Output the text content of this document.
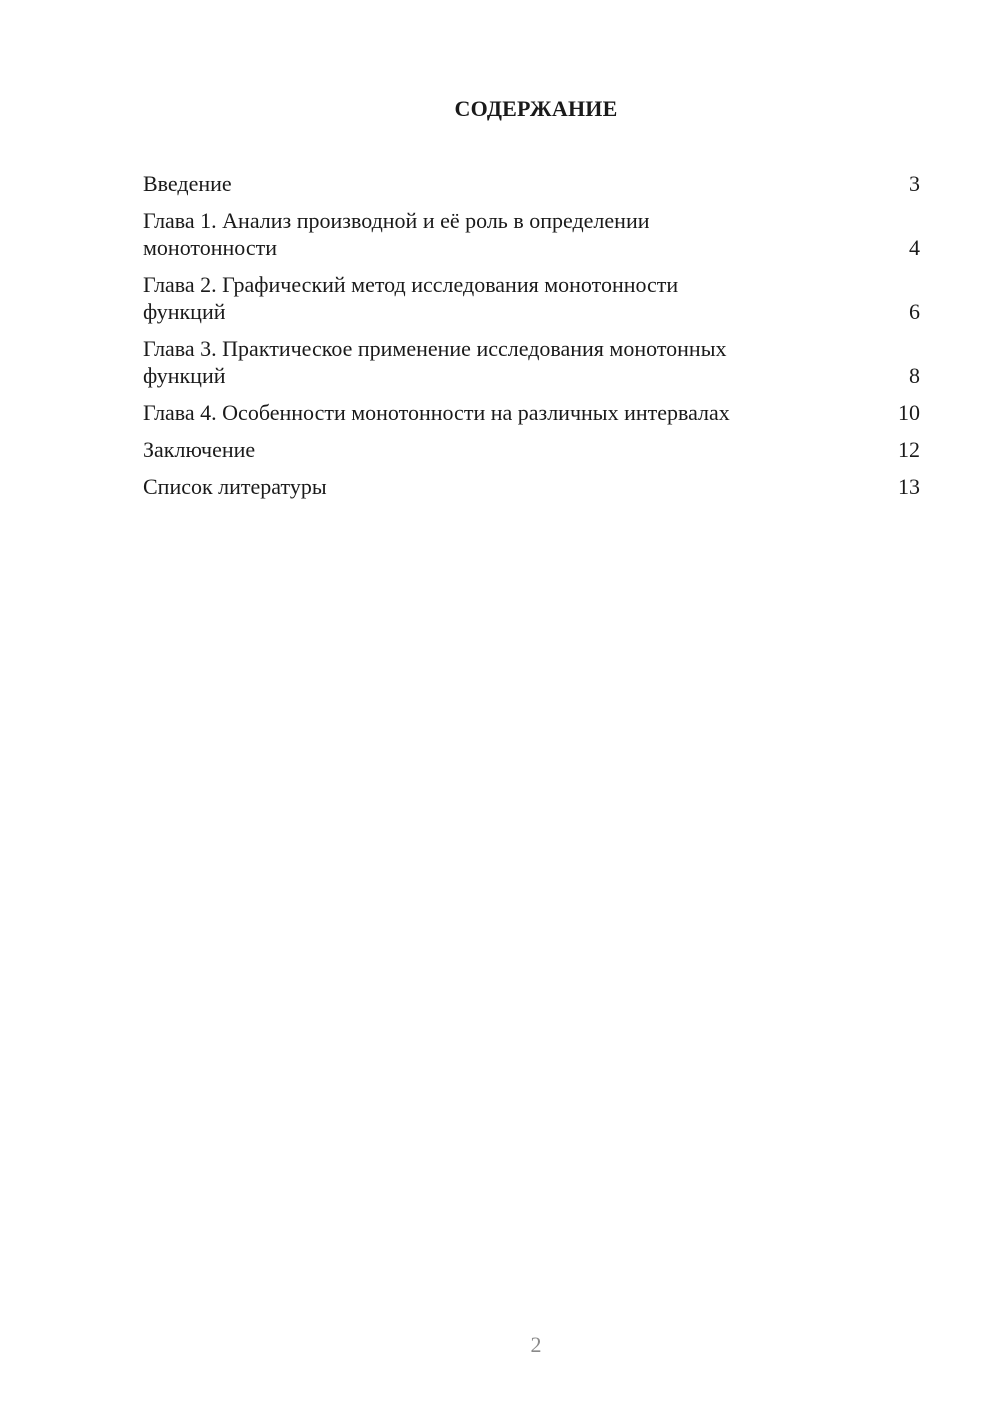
СОДЕРЖАНИЕ
Введение	3
Глава 1. Анализ производной и её роль в определении
монотонности	4
Глава 2. Графический метод исследования монотонности
функций	6
Глава 3. Практическое применение исследования монотонных
функций	8
Глава 4. Особенности монотонности на различных интервалах	10
Заключение	12
Список литературы	13
2
